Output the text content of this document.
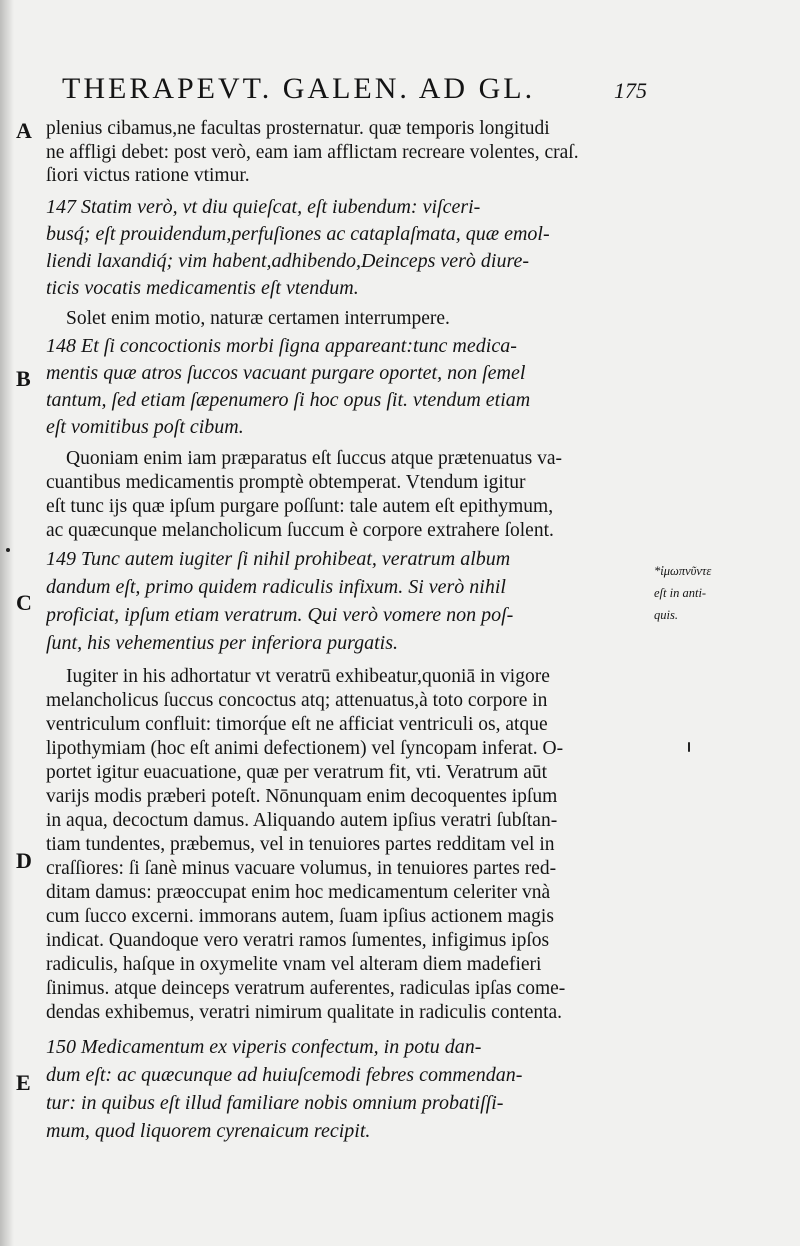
THERAPEVT. GALEN. AD GL.	175
A
B
C
D
E
plenius cibamus,ne facultas prosternatur. quæ temporis longitudi
ne affligi debet: post verò, eam iam afflictam recreare volentes, craſ.
ſiori victus ratione vtimur.
147 Statim verò, vt diu quieſcat, eſt iubendum: viſceri-
busq́; eſt prouidendum,perfuſiones ac cataplaſmata, quæ emol-
liendi laxandiq́; vim habent,adhibendo,Deinceps verò diure-
ticis vocatis medicamentis eſt vtendum.
Solet enim motio, naturæ certamen interrumpere.
148 Et ſi concoctionis morbi ſigna appareant:tunc medica-
mentis quæ atros ſuccos vacuant purgare oportet, non ſemel
tantum, ſed etiam ſæpenumero ſi hoc opus ſit. vtendum etiam
eſt vomitibus poſt cibum.
Quoniam enim iam præparatus eſt ſuccus atque prætenuatus va-
cuantibus medicamentis promptè obtemperat. Vtendum igitur
eſt tunc ijs quæ ipſum purgare poſſunt: tale autem eſt epithymum,
ac quæcunque melancholicum ſuccum è corpore extrahere ſolent.
149 Tunc autem iugiter ſi nihil prohibeat, veratrum album
dandum eſt, primo quidem radiculis infixum. Si verò nihil
proficiat, ipſum etiam veratrum. Qui verò vomere non poſ-
ſunt, his vehementius per inferiora purgatis.
Iugiter in his adhortatur vt veratrū exhibeatur,quoniā in vigore
melancholicus ſuccus concoctus atq; attenuatus,à toto corpore in
ventriculum confluit: timorq́ue eſt ne afficiat ventriculi os, atque
lipothymiam (hoc eſt animi defectionem) vel ſyncopam inferat. O-
portet igitur euacuatione, quæ per veratrum fit, vti. Veratrum aūt
varijs modis præberi poteſt. Nōnunquam enim decoquentes ipſum
in aqua, decoctum damus. Aliquando autem ipſius veratri ſubſtan-
tiam tundentes, præbemus, vel in tenuiores partes redditam vel in
craſſiores: ſi ſanè minus vacuare volumus, in tenuiores partes red-
ditam damus: præoccupat enim hoc medicamentum celeriter vnà
cum ſucco excerni. immorans autem, ſuam ipſius actionem magis
indicat. Quandoque vero veratri ramos ſumentes, infigimus ipſos
radiculis, haſque in oxymelite vnam vel alteram diem madefieri
ſinimus. atque deinceps veratrum auferentes, radiculas ipſas come-
dendas exhibemus, veratri nimirum qualitate in radiculis contenta.
150 Medicamentum ex viperis confectum, in potu dan-
dum eſt: ac quæcunque ad huiuſcemodi febres commendan-
tur: in quibus eſt illud familiare nobis omnium probatiſſi-
mum, quod liquorem cyrenaicum recipit.
*ἰμωπνῦντε
eſt in anti-
quis.
